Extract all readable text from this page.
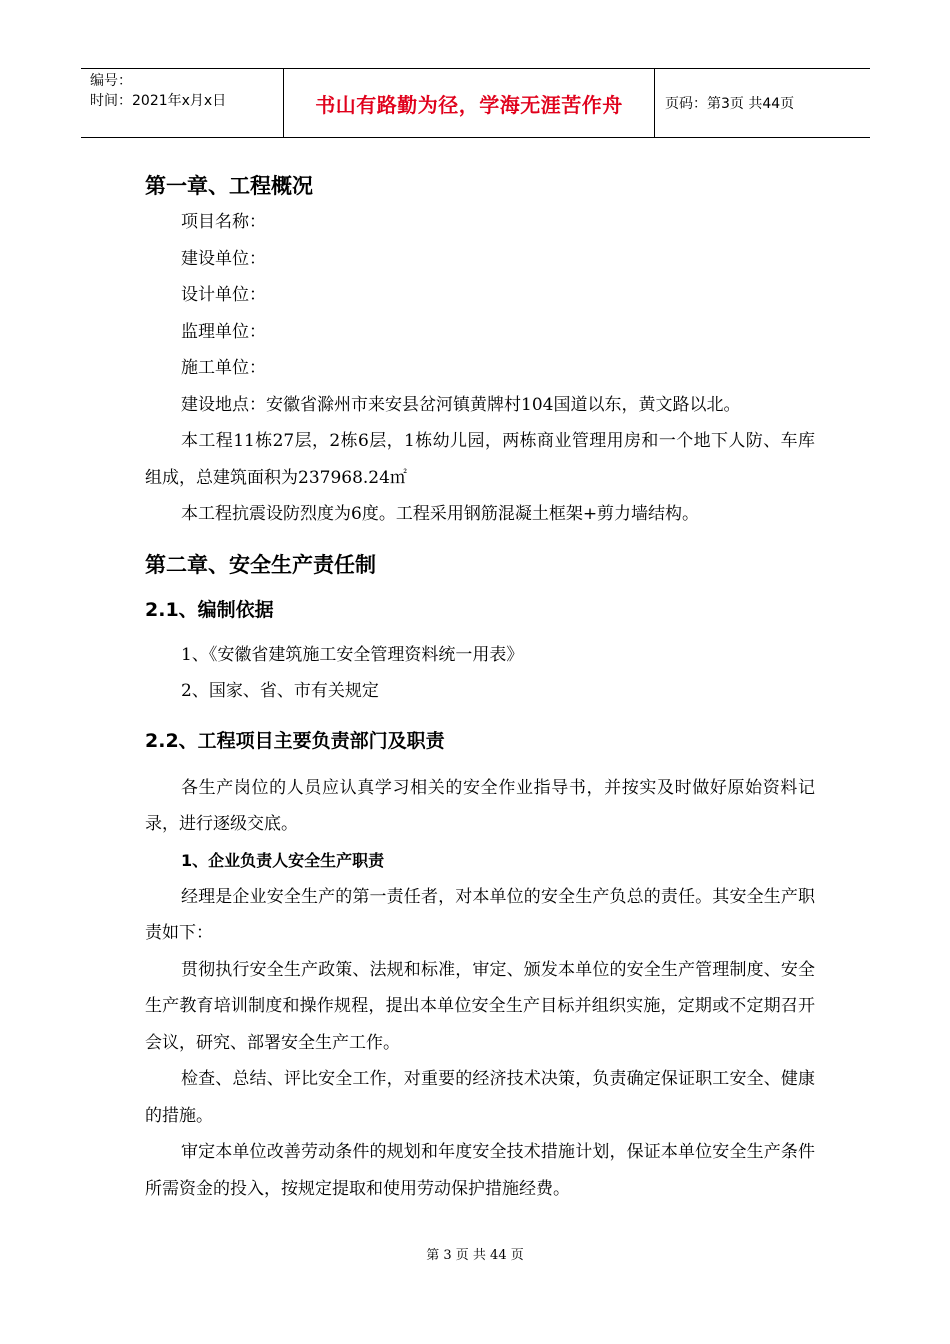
编号：
时间：2021年x月x日	书山有路勤为径，学海无涯苦作舟	页码：第3页 共44页
第一章、工程概况

项目名称：

建设单位：

设计单位：

监理单位：

施工单位：

建设地点：安徽省滁州市来安县岔河镇黄牌村104国道以东，黄文路以北。

本工程11栋27层，2栋6层，1栋幼儿园，两栋商业管理用房和一个地下人防、车库组成，总建筑面积为237968.24㎡

本工程抗震设防烈度为6度。工程采用钢筋混凝土框架+剪力墙结构。

第二章、安全生产责任制
2.1、编制依据

1、《安徽省建筑施工安全管理资料统一用表》

2、国家、省、市有关规定

2.2、工程项目主要负责部门及职责

各生产岗位的人员应认真学习相关的安全作业指导书，并按实及时做好原始资料记录，进行逐级交底。

1、企业负责人安全生产职责

经理是企业安全生产的第一责任者，对本单位的安全生产负总的责任。其安全生产职责如下：

贯彻执行安全生产政策、法规和标准，审定、颁发本单位的安全生产管理制度、安全生产教育培训制度和操作规程，提出本单位安全生产目标并组织实施，定期或不定期召开会议，研究、部署安全生产工作。

检查、总结、评比安全工作，对重要的经济技术决策，负责确定保证职工安全、健康的措施。

审定本单位改善劳动条件的规划和年度安全技术措施计划，保证本单位安全生产条件所需资金的投入，按规定提取和使用劳动保护措施经费。

第 3 页 共 44 页
